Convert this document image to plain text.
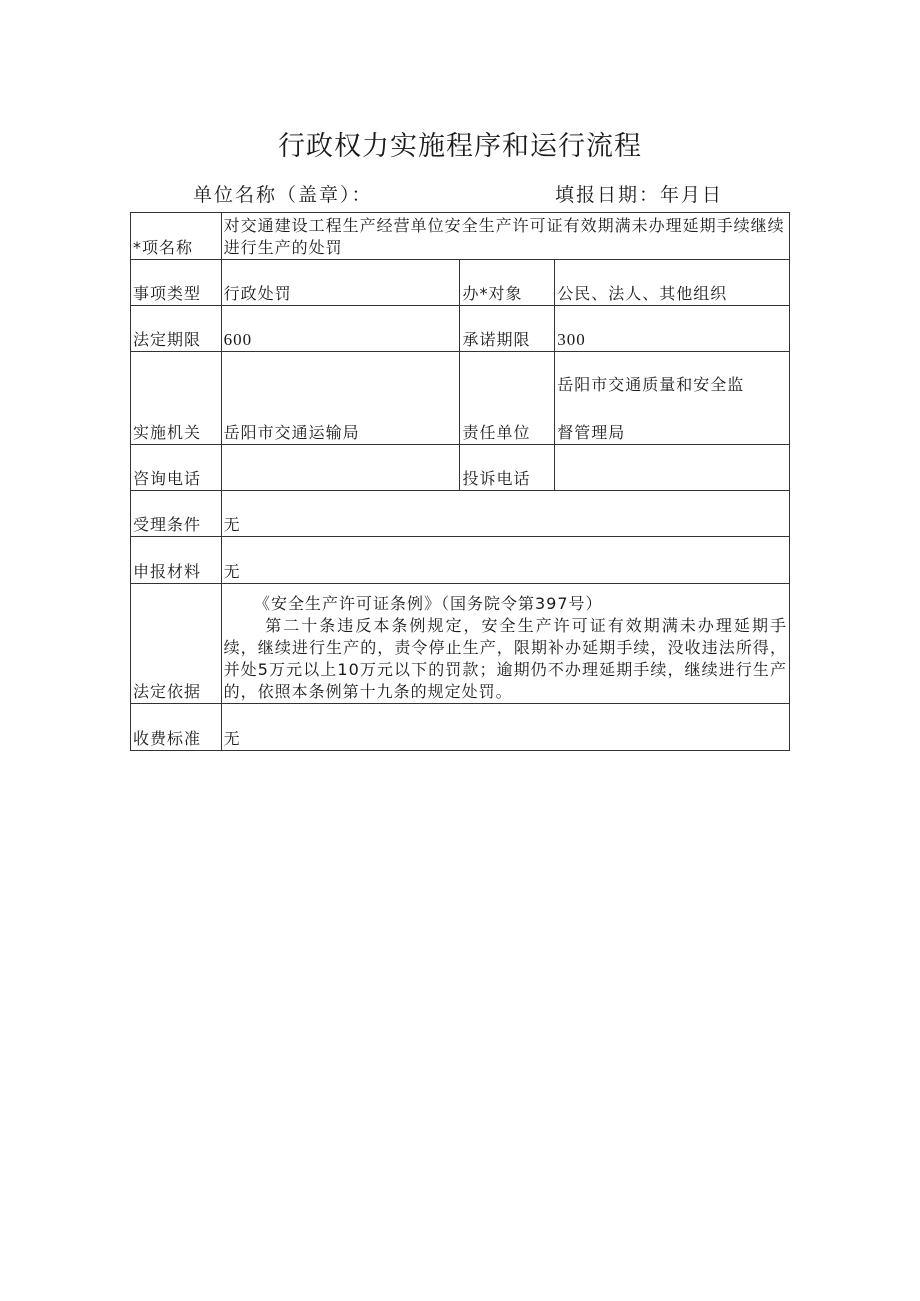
行政权力实施程序和运行流程
单位名称（盖章）：	填报日期：年月日
*项名称	对交通建设工程生产经营单位安全生产许可证有效期满未办理延期手续继续进行生产的处罚		
事项类型	行政处罚	办*对象	公民、法人、其他组织
法定期限	600	承诺期限	300
实施机关	岳阳市交通运输局	责任单位	岳阳市交通质量和安全监
督管理局

咨询电话		投诉电话	
受理条件	无		
申报材料	无		
法定依据	《安全生产许可证条例》（国务院令第397号）

第二十条违反本条例规定，安全生产许可证有效期满未办理延期手续，继续进行生产的，责令停止生产，限期补办延期手续，没收违法所得，并处5万元以上10万元以下的罚款；逾期仍不办理延期手续，继续进行生产的，依照本条例第十九条的规定处罚。		

收费标准	无		
